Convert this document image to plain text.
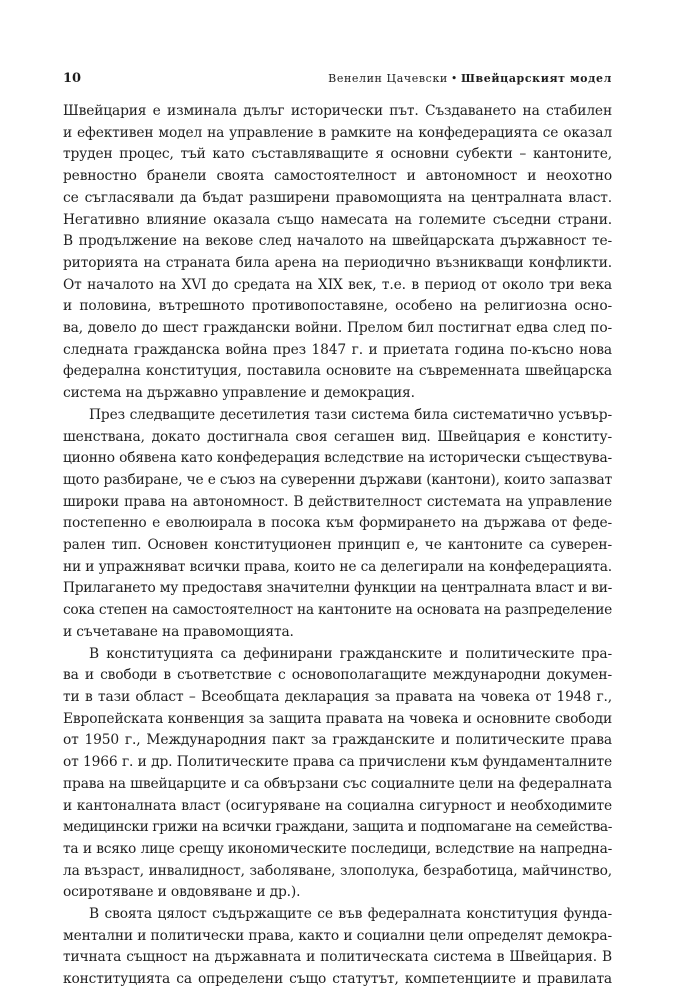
10	Венелин Цачевски • Швейцарският модел
Швейцария е изминала дълъг исторически път. Създаването на стабилен
и ефективен модел на управление в рамките на конфедерацията се оказал
труден процес, тъй като съставляващите я основни субекти – кантоните,
ревностно бранели своята самостоятелност и автономност и неохотно
се съгласявали да бъдат разширени правомощията на централната власт.
Негативно влияние оказала също намесата на големите съседни страни.
В продължение на векове след началото на швейцарската държавност те-
риторията на страната била арена на периодично възникващи конфликти.
От началото на XVI до средата на XIX век, т.е. в период от около три века
и половина, вътрешното противопоставяне, особено на религиозна осно-
ва, довело до шест граждански войни. Прелом бил постигнат едва след по-
следната гражданска война през 1847 г. и приетата година по-късно нова
федерална конституция, поставила основите на съвременната швейцарска
система на държавно управление и демокрация.
През следващите десетилетия тази система била систематично усъвър-
шенствана, докато достигнала своя сегашен вид. Швейцария е конститу-
ционно обявена като конфедерация вследствие на исторически съществува-
щото разбиране, че е съюз на суверенни държави (кантони), които запазват
широки права на автономност. В действителност системата на управление
постепенно е еволюирала в посока към формирането на държава от феде-
рален тип. Основен конституционен принцип е, че кантоните са суверен-
ни и упражняват всички права, които не са делегирали на конфедерацията.
Прилагането му предоставя значителни функции на централната власт и ви-
сока степен на самостоятелност на кантоните на основата на разпределение
и съчетаване на правомощията.
В конституцията са дефинирани гражданските и политическите пра-
ва и свободи в съответствие с основополагащите международни докумен-
ти в тази област – Всеобщата декларация за правата на човека от 1948 г.,
Европейската конвенция за защита правата на човека и основните свободи
от 1950 г., Международния пакт за гражданските и политическите права
от 1966 г. и др. Политическите права са причислени към фундаменталните
права на швейцарците и са обвързани със социалните цели на федералната
и кантоналната власт (осигуряване на социална сигурност и необходимите
медицински грижи на всички граждани, защита и подпомагане на семейства-
та и всяко лице срещу икономическите последици, вследствие на напредна-
ла възраст, инвалидност, заболяване, злополука, безработица, майчинство,
осиротяване и овдовяване и др.).
В своята цялост съдържащите се във федералната конституция фунда-
ментални и политически права, както и социални цели определят демокра-
тичната същност на държавната и политическата система в Швейцария. В
конституцията са определени също статутът, компетенциите и правилата
